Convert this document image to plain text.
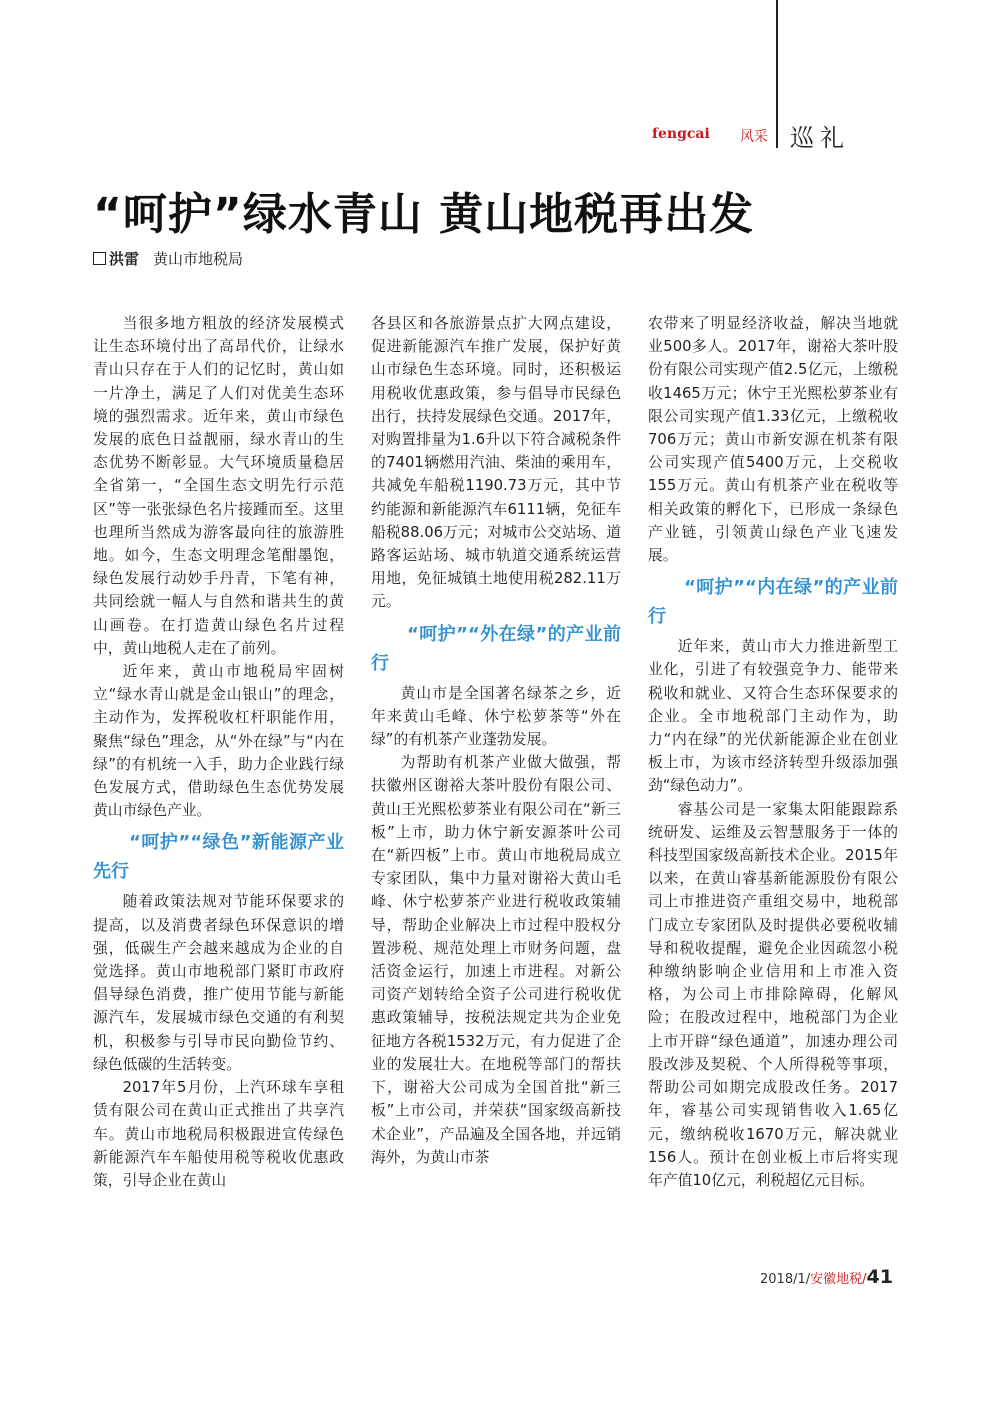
fengcai 风采 巡礼
“呵护”绿水青山 黄山地税再出发
洪雷 黄山市地税局

当很多地方粗放的经济发展模式让生态环境付出了高昂代价，让绿水青山只存在于人们的记忆时，黄山如一片净土，满足了人们对优美生态环境的强烈需求。近年来，黄山市绿色发展的底色日益靓丽，绿水青山的生态优势不断彰显。大气环境质量稳居全省第一，“全国生态文明先行示范区”等一张张绿色名片接踵而至。这里也理所当然成为游客最向往的旅游胜地。如今，生态文明理念笔酣墨饱，绿色发展行动妙手丹青，下笔有神，共同绘就一幅人与自然和谐共生的黄山画卷。在打造黄山绿色名片过程中，黄山地税人走在了前列。

近年来，黄山市地税局牢固树立“绿水青山就是金山银山”的理念，主动作为，发挥税收杠杆职能作用，聚焦“绿色”理念，从“外在绿”与“内在绿”的有机统一入手，助力企业践行绿色发展方式，借助绿色生态优势发展黄山市绿色产业。

“呵护”“绿色”新能源产业先行

随着政策法规对节能环保要求的提高，以及消费者绿色环保意识的增强，低碳生产会越来越成为企业的自觉选择。黄山市地税部门紧盯市政府倡导绿色消费，推广使用节能与新能源汽车，发展城市绿色交通的有利契机，积极参与引导市民向勤俭节约、绿色低碳的生活转变。

2017年5月份，上汽环球车享租赁有限公司在黄山正式推出了共享汽车。黄山市地税局积极跟进宣传绿色新能源汽车车船使用税等税收优惠政策，引导企业在黄山

各县区和各旅游景点扩大网点建设，促进新能源汽车推广发展，保护好黄山市绿色生态环境。同时，还积极运用税收优惠政策，参与倡导市民绿色出行，扶持发展绿色交通。2017年，对购置排量为1.6升以下符合减税条件的7401辆燃用汽油、柴油的乘用车，共减免车船税1190.73万元，其中节约能源和新能源汽车6111辆，免征车船税88.06万元；对城市公交站场、道路客运站场、城市轨道交通系统运营用地，免征城镇土地使用税282.11万元。

“呵护”“外在绿”的产业前行

黄山市是全国著名绿茶之乡，近年来黄山毛峰、休宁松萝茶等“外在绿”的有机茶产业蓬勃发展。

为帮助有机茶产业做大做强，帮扶徽州区谢裕大茶叶股份有限公司、黄山王光熙松萝茶业有限公司在“新三板”上市，助力休宁新安源茶叶公司在“新四板”上市。黄山市地税局成立专家团队，集中力量对谢裕大黄山毛峰、休宁松萝茶产业进行税收政策辅导，帮助企业解决上市过程中股权分置涉税、规范处理上市财务问题，盘活资金运行，加速上市进程。对新公司资产划转给全资子公司进行税收优惠政策辅导，按税法规定共为企业免征地方各税1532万元，有力促进了企业的发展壮大。在地税等部门的帮扶下，谢裕大公司成为全国首批“新三板”上市公司，并荣获“国家级高新技术企业”，产品遍及全国各地，并远销海外，为黄山市茶

农带来了明显经济收益，解决当地就业500多人。2017年，谢裕大茶叶股份有限公司实现产值2.5亿元，上缴税收1465万元；休宁王光熙松萝茶业有限公司实现产值1.33亿元，上缴税收706万元；黄山市新安源在机茶有限公司实现产值5400万元，上交税收155万元。黄山有机茶产业在税收等相关政策的孵化下，已形成一条绿色产业链，引领黄山绿色产业飞速发展。

“呵护”“内在绿”的产业前行

近年来，黄山市大力推进新型工业化，引进了有较强竞争力、能带来税收和就业、又符合生态环保要求的企业。全市地税部门主动作为，助力“内在绿”的光伏新能源企业在创业板上市，为该市经济转型升级添加强劲“绿色动力”。

睿基公司是一家集太阳能跟踪系统研发、运维及云智慧服务于一体的科技型国家级高新技术企业。2015年以来，在黄山睿基新能源股份有限公司上市推进资产重组交易中，地税部门成立专家团队及时提供必要税收辅导和税收提醒，避免企业因疏忽小税种缴纳影响企业信用和上市准入资格，为公司上市排除障碍，化解风险；在股改过程中，地税部门为企业上市开辟“绿色通道”，加速办理公司股改涉及契税、个人所得税等事项，帮助公司如期完成股改任务。2017年，睿基公司实现销售收入1.65亿元，缴纳税收1670万元，解决就业156人。预计在创业板上市后将实现年产值10亿元，利税超亿元目标。

2018/1/安徽地税/41
